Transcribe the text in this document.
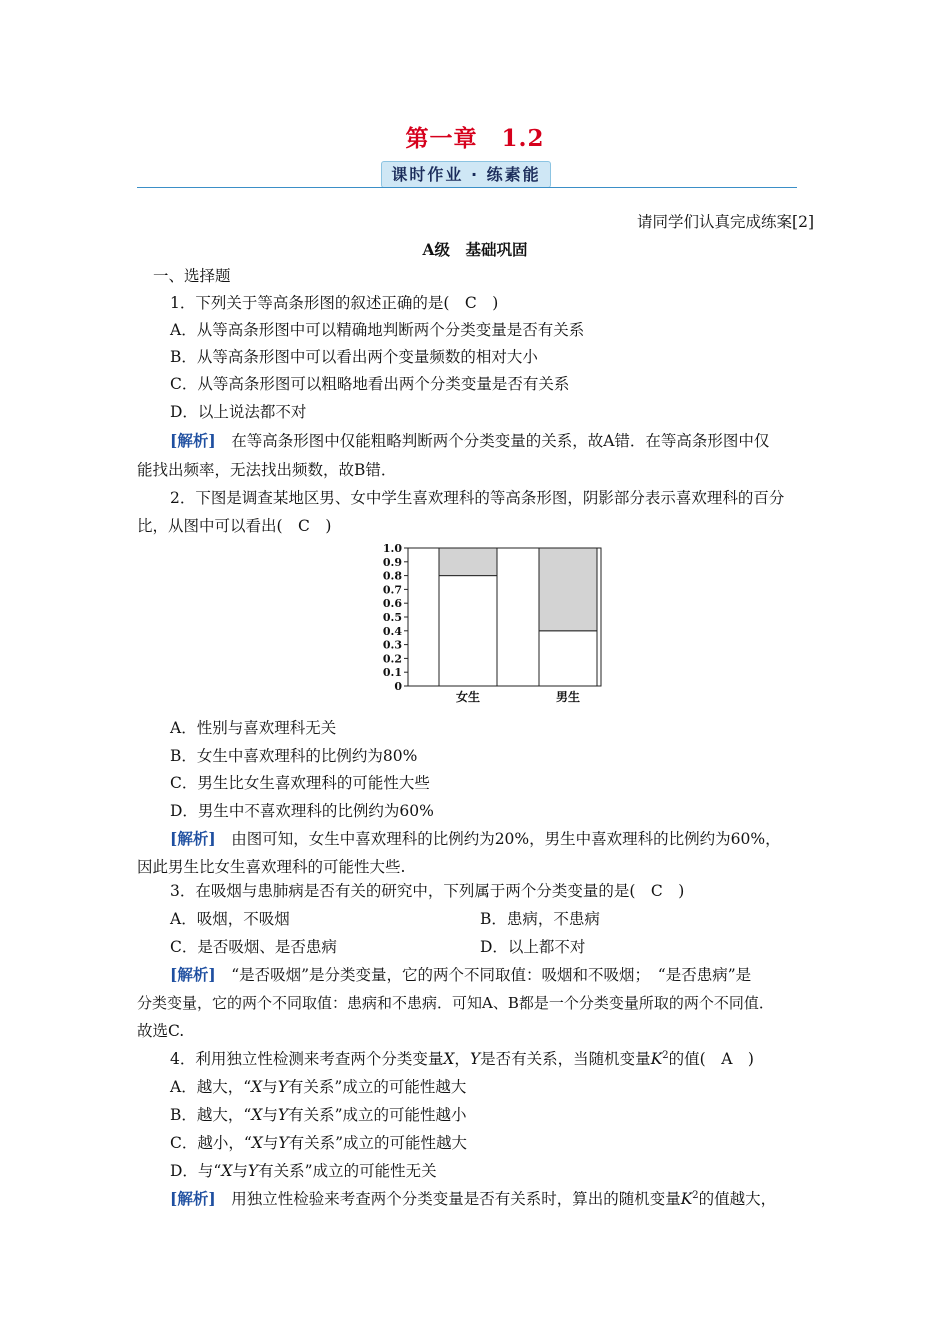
第一章　1.2
课时作业 · 练素能
请同学们认真完成练案[2]
A级　基础巩固
一、选择题
1．下列关于等高条形图的叙述正确的是(　C　)
A．从等高条形图中可以精确地判断两个分类变量是否有关系
B．从等高条形图中可以看出两个变量频数的相对大小
C．从等高条形图可以粗略地看出两个分类变量是否有关系
D．以上说法都不对
[解析]　 在等高条形图中仅能粗略判断两个分类变量的关系，故A错．在等高条形图中仅
能找出频率，无法找出频数，故B错．
2．下图是调查某地区男、女中学生喜欢理科的等高条形图，阴影部分表示喜欢理科的百分
比，从图中可以看出(　C　)
0
0.1
0.2
0.3
0.4
0.5
0.6
0.7
0.8
0.9
1.0
女生	男生
A．性别与喜欢理科无关
B．女生中喜欢理科的比例约为80%
C．男生比女生喜欢理科的可能性大些
D．男生中不喜欢理科的比例约为60%
[解析]　 由图可知，女生中喜欢理科的比例约为20%，男生中喜欢理科的比例约为60%，
因此男生比女生喜欢理科的可能性大些.
3．在吸烟与患肺病是否有关的研究中，下列属于两个分类变量的是(　C　)
A．吸烟，不吸烟	B．患病，不患病
C．是否吸烟、是否患病	D．以上都不对
[解析]　 “是否吸烟”是分类变量，它的两个不同取值：吸烟和不吸烟；　“是否患病”是
分类变量，它的两个不同取值：患病和不患病．可知A、B都是一个分类变量所取的两个不同值．
故选C.
4．利用独立性检测来考查两个分类变量X，Y是否有关系，当随机变量$K^2$的值(　A　)
A．越大，“X与Y有关系”成立的可能性越大
B．越大，“X与Y有关系”成立的可能性越小
C．越小，“X与Y有关系”成立的可能性越大
D．与“X与Y有关系”成立的可能性无关
[解析]　 用独立性检验来考查两个分类变量是否有关系时，算出的随机变量$K^2$的值越大，
